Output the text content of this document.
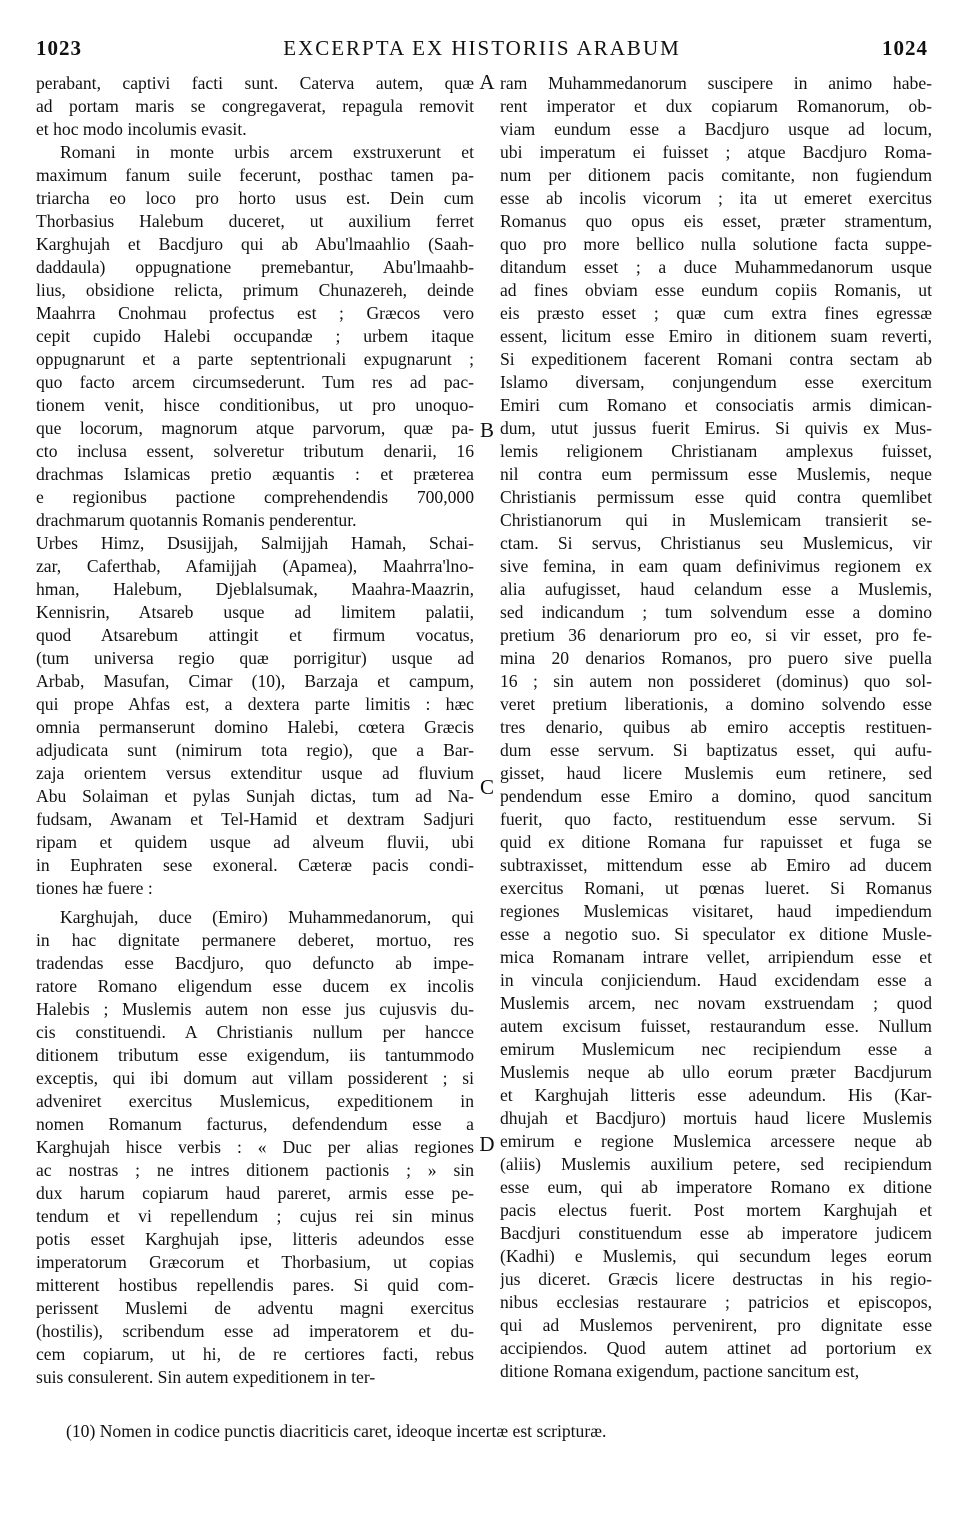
1023	EXCERPTA EX HISTORIIS ARABUM	1024
perabant, captivi facti sunt. Caterva autem, quæ
ad portam maris se congregaverat, repagula removit
et hoc modo incolumis evasit.
Romani in monte urbis arcem exstruxerunt et
maximum fanum suile fecerunt, posthac tamen pa-
triarcha eo loco pro horto usus est. Dein cum
Thorbasius Halebum duceret, ut auxilium ferret
Karghujah et Bacdjuro qui ab Abu'lmaahlio (Saah-
daddaula) oppugnatione premebantur, Abu'lmaahb-
lius, obsidione relicta, primum Chunazereh, deinde
Maahrra Cnohmau profectus est ; Græcos vero
cepit cupido Halebi occupandæ ; urbem itaque
oppugnarunt et a parte septentrionali expugnarunt ;
quo facto arcem circumsederunt. Tum res ad pac-
tionem venit, hisce conditionibus, ut pro unoquo-
que locorum, magnorum atque parvorum, quæ pa-
cto inclusa essent, solveretur tributum denarii, 16
drachmas Islamicas pretio æquantis : et præterea
e regionibus pactione comprehendendis 700,000
drachmarum quotannis Romanis penderentur.
Urbes Himz, Dsusijjah, Salmijjah Hamah, Schai-
zar, Caferthab, Afamijjah (Apamea), Maahrra'lno-
hman, Halebum, Djeblalsumak, Maahra-Maazrin,
Kennisrin, Atsareb usque ad limitem palatii,
quod Atsarebum attingit et firmum vocatus,
(tum universa regio quæ porrigitur) usque ad
Arbab, Masufan, Cimar (10), Barzaja et campum,
qui prope Ahfas est, a dextera parte limitis : hæc
omnia permanserunt domino Halebi, cœtera Græcis
adjudicata sunt (nimirum tota regio), que a Bar-
zaja orientem versus extenditur usque ad fluvium
Abu Solaiman et pylas Sunjah dictas, tum ad Na-
fudsam, Awanam et Tel-Hamid et dextram Sadjuri
ripam et quidem usque ad alveum fluvii, ubi
in Euphraten sese exoneral. Cæteræ pacis condi-
tiones hæ fuere :
Karghujah, duce (Emiro) Muhammedanorum, qui
in hac dignitate permanere deberet, mortuo, res
tradendas esse Bacdjuro, quo defuncto ab impe-
ratore Romano eligendum esse ducem ex incolis
Halebis ; Muslemis autem non esse jus cujusvis du-
cis constituendi. A Christianis nullum per hancce
ditionem tributum esse exigendum, iis tantummodo
exceptis, qui ibi domum aut villam possiderent ; si
adveniret exercitus Muslemicus, expeditionem in
nomen Romanum facturus, defendendum esse a
Karghujah hisce verbis : « Duc per alias regiones
ac nostras ; ne intres ditionem pactionis ; » sin
dux harum copiarum haud pareret, armis esse pe-
tendum et vi repellendum ; cujus rei sin minus
potis esset Karghujah ipse, litteris adeundos esse
imperatorum Græcorum et Thorbasium, ut copias
mitterent hostibus repellendis pares. Si quid com-
perissent Muslemi de adventu magni exercitus
(hostilis), scribendum esse ad imperatorem et du-
cem copiarum, ut hi, de re certiores facti, rebus
suis consulerent. Sin autem expeditionem in ter-
ram Muhammedanorum suscipere in animo habe-
rent imperator et dux copiarum Romanorum, ob-
viam eundum esse a Bacdjuro usque ad locum,
ubi imperatum ei fuisset ; atque Bacdjuro Roma-
num per ditionem pacis comitante, non fugiendum
esse ab incolis vicorum ; ita ut emeret exercitus
Romanus quo opus eis esset, præter stramentum,
quo pro more bellico nulla solutione facta suppe-
ditandum esset ; a duce Muhammedanorum usque
ad fines obviam esse eundum copiis Romanis, ut
eis præsto esset ; quæ cum extra fines egressæ
essent, licitum esse Emiro in ditionem suam reverti,
Si expeditionem facerent Romani contra sectam ab
Islamo diversam, conjungendum esse exercitum
Emiri cum Romano et consociatis armis dimican-
dum, utut jussus fuerit Emirus. Si quivis ex Mus-
lemis religionem Christianam amplexus fuisset,
nil contra eum permissum esse Muslemis, neque
Christianis permissum esse quid contra quemlibet
Christianorum qui in Muslemicam transierit se-
ctam. Si servus, Christianus seu Muslemicus, vir
sive femina, in eam quam definivimus regionem ex
alia aufugisset, haud celandum esse a Muslemis,
sed indicandum ; tum solvendum esse a domino
pretium 36 denariorum pro eo, si vir esset, pro fe-
mina 20 denarios Romanos, pro puero sive puella
16 ; sin autem non possideret (dominus) quo sol-
veret pretium liberationis, a domino solvendo esse
tres denario, quibus ab emiro acceptis restituen-
dum esse servum. Si baptizatus esset, qui aufu-
gisset, haud licere Muslemis eum retinere, sed
pendendum esse Emiro a domino, quod sancitum
fuerit, quo facto, restituendum esse servum. Si
quid ex ditione Romana fur rapuisset et fuga se
subtraxisset, mittendum esse ab Emiro ad ducem
exercitus Romani, ut pœnas lueret. Si Romanus
regiones Muslemicas visitaret, haud impediendum
esse a negotio suo. Si speculator ex ditione Musle-
mica Romanam intrare vellet, arripiendum esse et
in vincula conjiciendum. Haud excidendam esse a
Muslemis arcem, nec novam exstruendam ; quod
autem excisum fuisset, restaurandum esse. Nullum
emirum Muslemicum nec recipiendum esse a
Muslemis neque ab ullo eorum præter Bacdjurum
et Karghujah litteris esse adeundum. His (Kar-
dhujah et Bacdjuro) mortuis haud licere Muslemis
emirum e regione Muslemica arcessere neque ab
(aliis) Muslemis auxilium petere, sed recipiendum
esse eum, qui ab imperatore Romano ex ditione
pacis electus fuerit. Post mortem Karghujah et
Bacdjuri constituendum esse ab imperatore judicem
(Kadhi) e Muslemis, qui secundum leges eorum
jus diceret. Græcis licere destructas in his regio-
nibus ecclesias restaurare ; patricios et episcopos,
qui ad Muslemos pervenirent, pro dignitate esse
accipiendos. Quod autem attinet ad portorium ex
ditione Romana exigendum, pactione sancitum est,
A
B
C
D
(10) Nomen in codice punctis diacriticis caret, ideoque incertæ est scripturæ.
